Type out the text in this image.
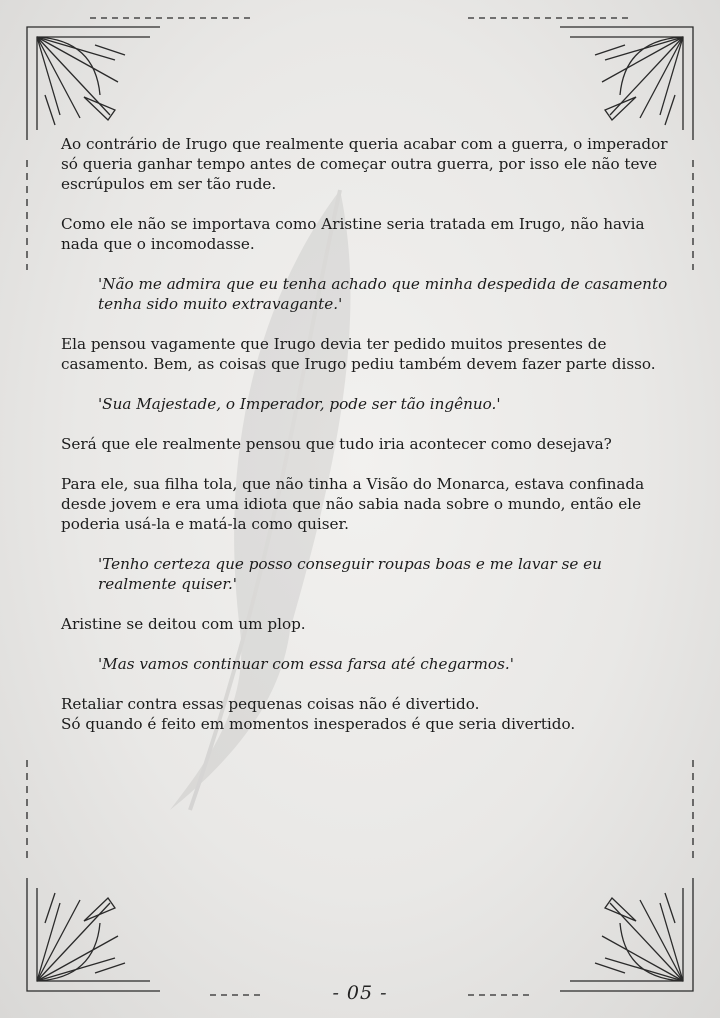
Ao contrário de Irugo que realmente queria acabar com a guerra, o imperador só queria ganhar tempo antes de começar outra guerra, por isso ele não teve escrúpulos em ser tão rude.

Como ele não se importava como Aristine seria tratada em Irugo, não havia nada que o incomodasse.

'Não me admira que eu tenha achado que minha despedida de casamento tenha sido muito extravagante.'

Ela pensou vagamente que Irugo devia ter pedido muitos presentes de casamento. Bem, as coisas que Irugo pediu também devem fazer parte disso.

'Sua Majestade, o Imperador, pode ser tão ingênuo.'

Será que ele realmente pensou que tudo iria acontecer como desejava?

Para ele, sua filha tola, que não tinha a Visão do Monarca, estava confinada desde jovem e era uma idiota que não sabia nada sobre o mundo, então ele poderia usá-la e matá-la como quiser.

'Tenho certeza que posso conseguir roupas boas e me lavar se eu realmente quiser.'

Aristine se deitou com um plop.

'Mas vamos continuar com essa farsa até chegarmos.'

Retaliar contra essas pequenas coisas não é divertido.

Só quando é feito em momentos inesperados é que seria divertido.

- 05 -
